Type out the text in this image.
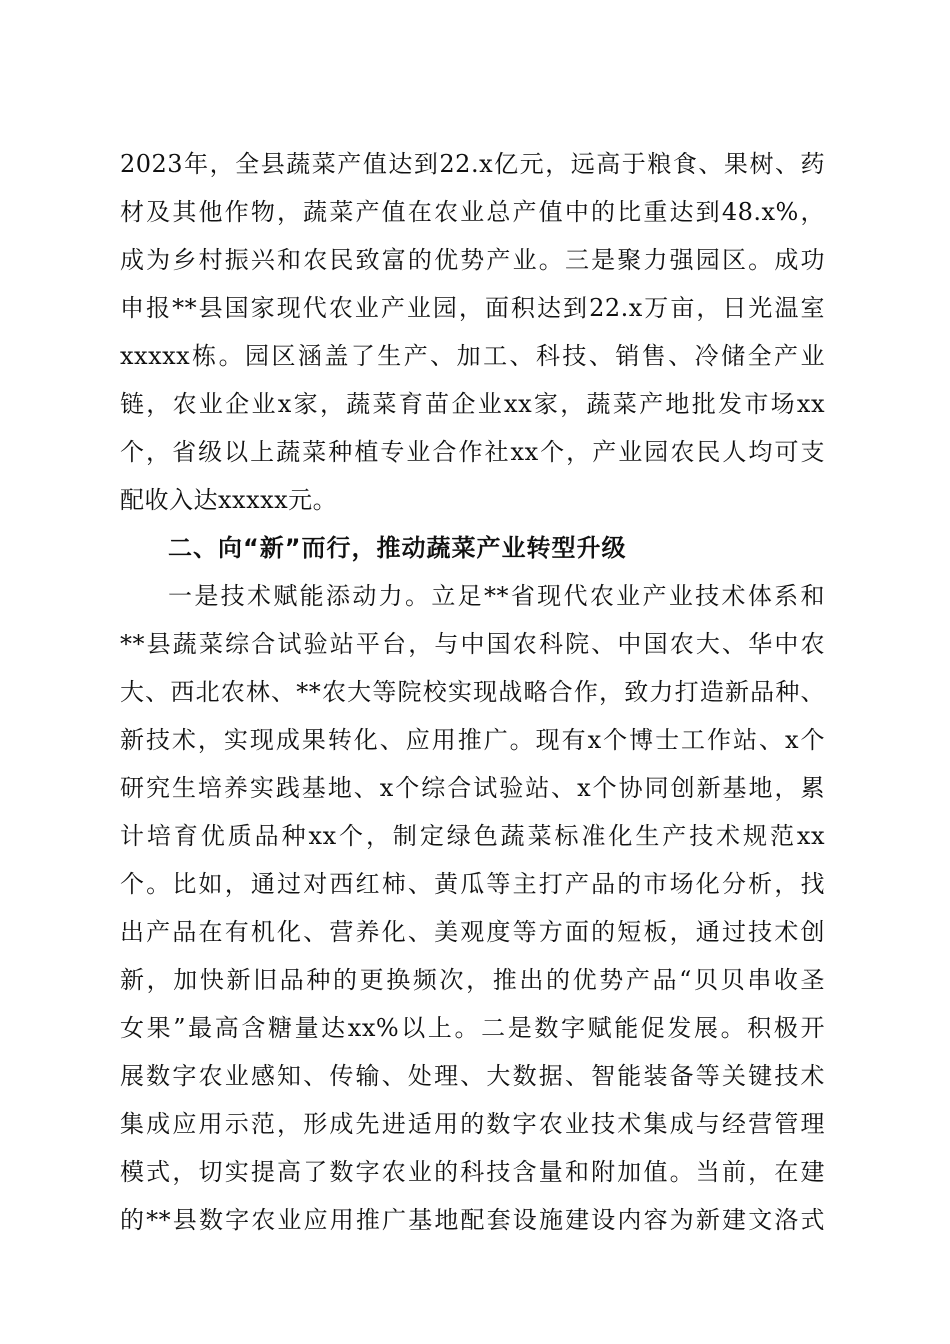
2023年，全县蔬菜产值达到22.x亿元，远高于粮食、果树、药
材及其他作物，蔬菜产值在农业总产值中的比重达到48.x%，
成为乡村振兴和农民致富的优势产业。三是聚力强园区。成功
申报**县国家现代农业产业园，面积达到22.x万亩，日光温室
xxxxx栋。园区涵盖了生产、加工、科技、销售、冷储全产业
链，农业企业x家，蔬菜育苗企业xx家，蔬菜产地批发市场xx
个，省级以上蔬菜种植专业合作社xx个，产业园农民人均可支
配收入达xxxxx元。
二、向“新”而行，推动蔬菜产业转型升级
一是技术赋能添动力。立足**省现代农业产业技术体系和
**县蔬菜综合试验站平台，与中国农科院、中国农大、华中农
大、西北农林、**农大等院校实现战略合作，致力打造新品种、
新技术，实现成果转化、应用推广。现有x个博士工作站、x个
研究生培养实践基地、x个综合试验站、x个协同创新基地，累
计培育优质品种xx个，制定绿色蔬菜标准化生产技术规范xx
个。比如，通过对西红柿、黄瓜等主打产品的市场化分析，找
出产品在有机化、营养化、美观度等方面的短板，通过技术创
新，加快新旧品种的更换频次，推出的优势产品“贝贝串收圣
女果”最高含糖量达xx%以上。二是数字赋能促发展。积极开
展数字农业感知、传输、处理、大数据、智能装备等关键技术
集成应用示范，形成先进适用的数字农业技术集成与经营管理
模式，切实提高了数字农业的科技含量和附加值。当前，在建
的**县数字农业应用推广基地配套设施建设内容为新建文洛式
